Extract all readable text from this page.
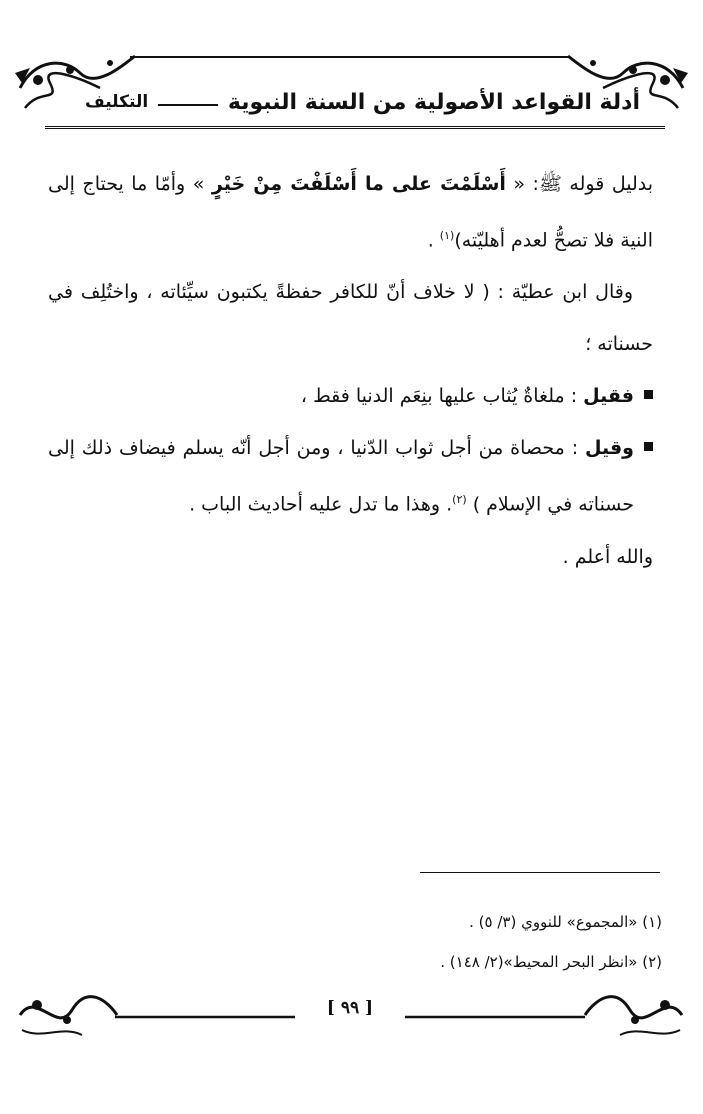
أدلة القواعد الأصولية من السنة النبوية
التكليف

بدليل قوله ﷺ: « أَسْلَمْتَ على ما أَسْلَفْتَ مِنْ خَيْرٍ » وأمّا ما يحتاج إلى النية فلا تصحُّ لعدم أهليّته)$^{(١)}$ .

وقال ابن عطيّة : ( لا خلاف أنّ للكافر حفظةً يكتبون سيِّئاته ، واختُلِف في حسناته ؛

فقيل : ملغاةٌ يُثاب عليها بنِعَم الدنيا فقط ،

وقيل : محصاة من أجل ثواب الدّنيا ، ومن أجل أنّه يسلم فيضاف ذلك إلى حسناته في الإسلام ) $^{(٢)}$. وهذا ما تدل عليه أحاديث الباب .

والله أعلم .

(١) «المجموع» للنووي (٣/ ٥) .

(٢) «انظر البحر المحيط»(٢/ ١٤٨) .

[ ٩٩ ]
